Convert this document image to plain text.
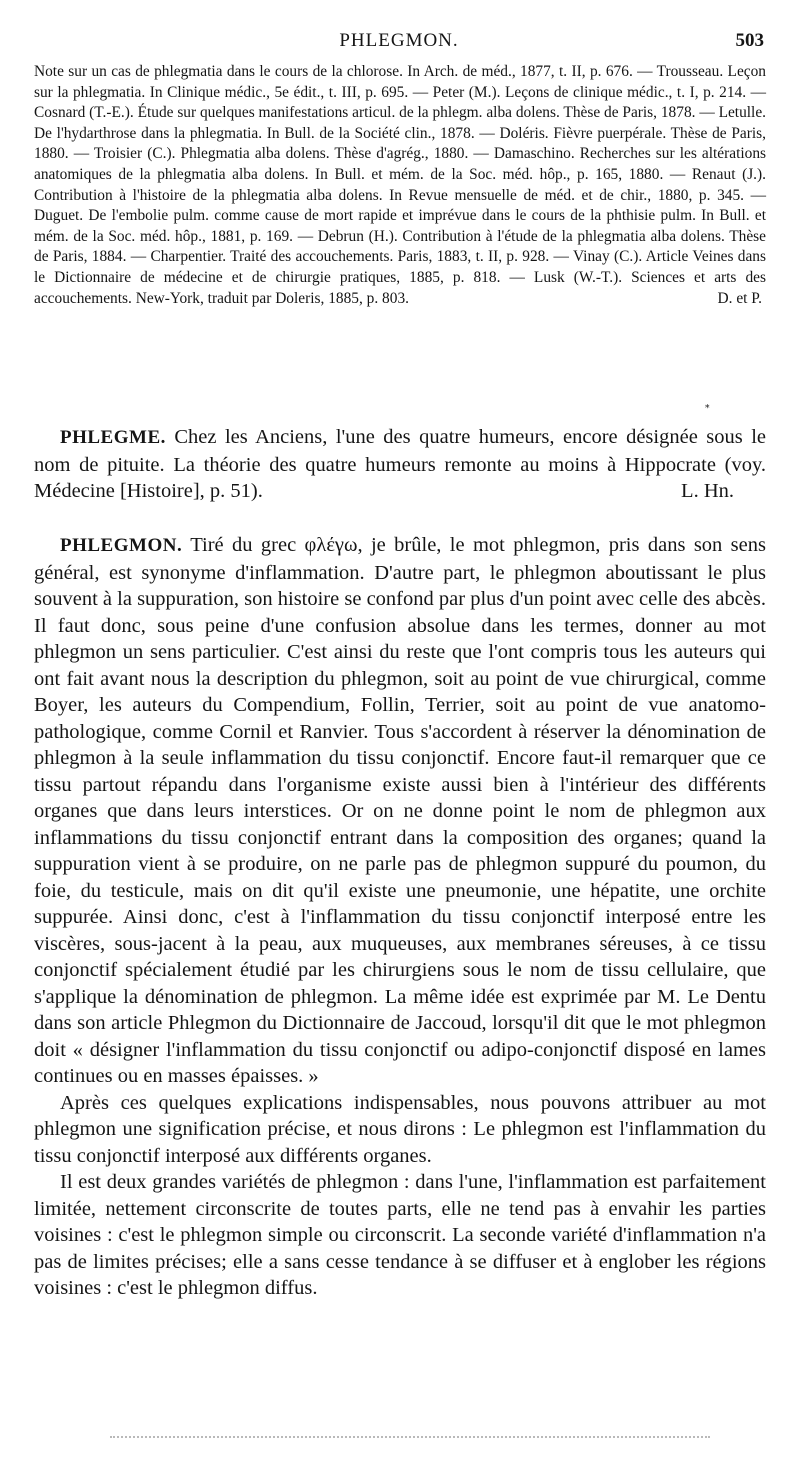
PHLEGMON.	503
Note sur un cas de phlegmatia dans le cours de la chlorose. In Arch. de méd., 1877, t. II, p. 676. — Trousseau. Leçon sur la phlegmatia. In Clinique médic., 5e édit., t. III, p. 695. — Peter (M.). Leçons de clinique médic., t. I, p. 214. — Cosnard (T.-E.). Étude sur quelques manifestations articul. de la phlegm. alba dolens. Thèse de Paris, 1878. — Letulle. De l'hydarthrose dans la phlegmatia. In Bull. de la Société clin., 1878. — Doléris. Fièvre puerpérale. Thèse de Paris, 1880. — Troisier (C.). Phlegmatia alba dolens. Thèse d'agrég., 1880. — Damaschino. Recherches sur les altérations anatomiques de la phlegmatia alba dolens. In Bull. et mém. de la Soc. méd. hôp., p. 165, 1880. — Renaut (J.). Contribution à l'histoire de la phlegmatia alba dolens. In Revue mensuelle de méd. et de chir., 1880, p. 345. — Duguet. De l'embolie pulm. comme cause de mort rapide et imprévue dans le cours de la phthisie pulm. In Bull. et mém. de la Soc. méd. hôp., 1881, p. 169. — Debrun (H.). Contribution à l'étude de la phlegmatia alba dolens. Thèse de Paris, 1884. — Charpentier. Traité des accouchements. Paris, 1883, t. II, p. 928. — Vinay (C.). Article Veines dans le Dictionnaire de médecine et de chirurgie pratiques, 1885, p. 818. — Lusk (W.-T.). Sciences et arts des accouchements. New-York, traduit par Doleris, 1885, p. 803.	D. et P.
*

PHLEGME. Chez les Anciens, l'une des quatre humeurs, encore désignée sous le nom de pituite. La théorie des quatre humeurs remonte au moins à Hippocrate (voy. Médecine [Histoire], p. 51).	L. Hn.

PHLEGMON. Tiré du grec φλέγω, je brûle, le mot phlegmon, pris dans son sens général, est synonyme d'inflammation. D'autre part, le phlegmon aboutissant le plus souvent à la suppuration, son histoire se confond par plus d'un point avec celle des abcès. Il faut donc, sous peine d'une confusion absolue dans les termes, donner au mot phlegmon un sens particulier. C'est ainsi du reste que l'ont compris tous les auteurs qui ont fait avant nous la description du phlegmon, soit au point de vue chirurgical, comme Boyer, les auteurs du Compendium, Follin, Terrier, soit au point de vue anatomo-pathologique, comme Cornil et Ranvier. Tous s'accordent à réserver la dénomination de phlegmon à la seule inflammation du tissu conjonctif. Encore faut-il remarquer que ce tissu partout répandu dans l'organisme existe aussi bien à l'intérieur des différents organes que dans leurs interstices. Or on ne donne point le nom de phlegmon aux inflammations du tissu conjonctif entrant dans la composition des organes; quand la suppuration vient à se produire, on ne parle pas de phlegmon suppuré du poumon, du foie, du testicule, mais on dit qu'il existe une pneumonie, une hépatite, une orchite suppurée. Ainsi donc, c'est à l'inflammation du tissu conjonctif interposé entre les viscères, sous-jacent à la peau, aux muqueuses, aux membranes séreuses, à ce tissu conjonctif spécialement étudié par les chirurgiens sous le nom de tissu cellulaire, que s'applique la dénomination de phlegmon. La même idée est exprimée par M. Le Dentu dans son article Phlegmon du Dictionnaire de Jaccoud, lorsqu'il dit que le mot phlegmon doit « désigner l'inflammation du tissu conjonctif ou adipo-conjonctif disposé en lames continues ou en masses épaisses. »

Après ces quelques explications indispensables, nous pouvons attribuer au mot phlegmon une signification précise, et nous dirons : Le phlegmon est l'inflammation du tissu conjonctif interposé aux différents organes.

Il est deux grandes variétés de phlegmon : dans l'une, l'inflammation est parfaitement limitée, nettement circonscrite de toutes parts, elle ne tend pas à envahir les parties voisines : c'est le phlegmon simple ou circonscrit. La seconde variété d'inflammation n'a pas de limites précises; elle a sans cesse tendance à se diffuser et à englober les régions voisines : c'est le phlegmon diffus.
